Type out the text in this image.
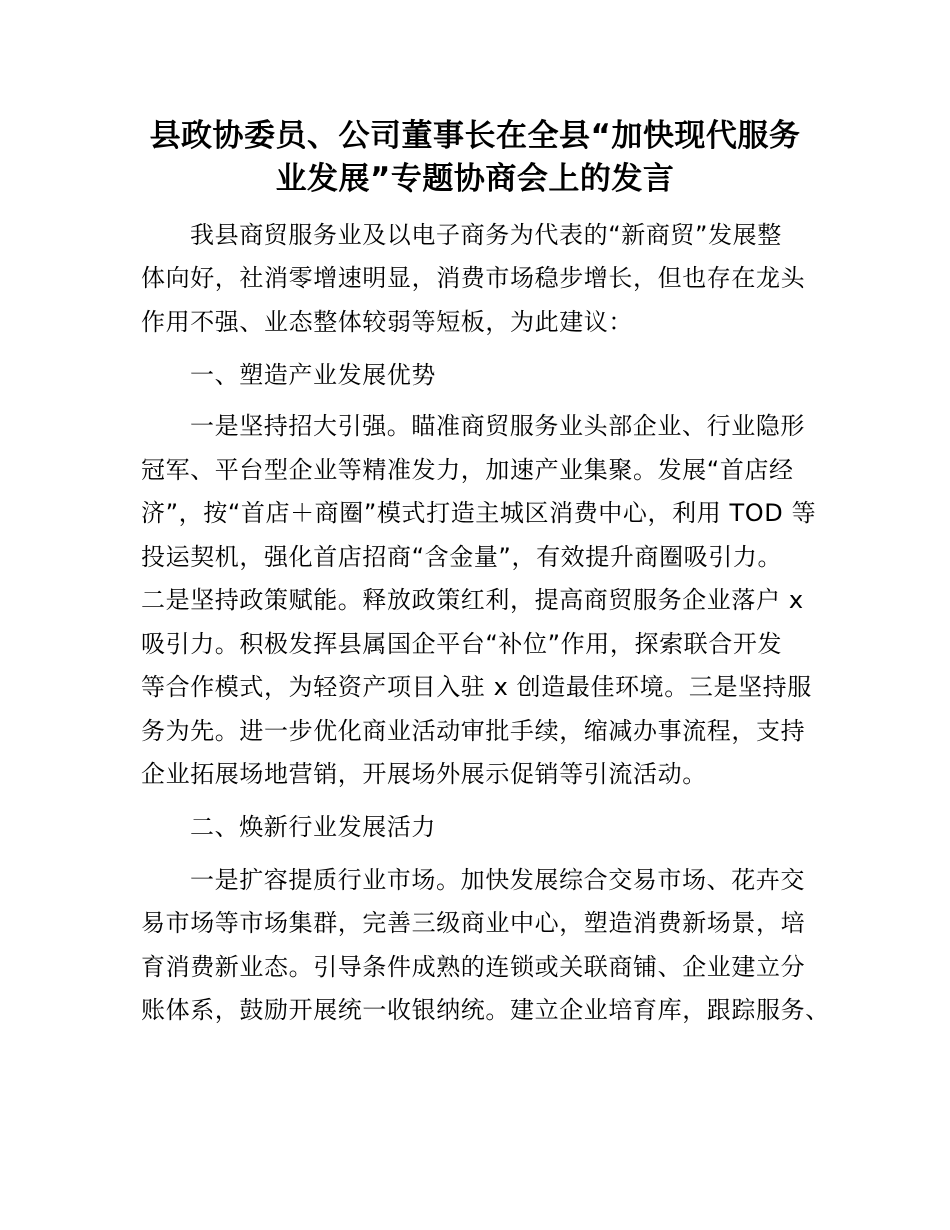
县政协委员、公司董事长在全县“加快现代服务
业发展”专题协商会上的发言

我县商贸服务业及以电子商务为代表的“新商贸”发展整

体向好，社消零增速明显，消费市场稳步增长，但也存在龙头

作用不强、业态整体较弱等短板，为此建议：

一、塑造产业发展优势

一是坚持招大引强。瞄准商贸服务业头部企业、行业隐形

冠军、平台型企业等精准发力，加速产业集聚。发展“首店经

济”，按“首店＋商圈”模式打造主城区消费中心，利用 TOD 等

投运契机，强化首店招商“含金量”，有效提升商圈吸引力。

二是坚持政策赋能。释放政策红利，提高商贸服务企业落户 x

吸引力。积极发挥县属国企平台“补位”作用，探索联合开发

等合作模式，为轻资产项目入驻 x 创造最佳环境。三是坚持服

务为先。进一步优化商业活动审批手续，缩减办事流程，支持

企业拓展场地营销，开展场外展示促销等引流活动。

二、焕新行业发展活力

一是扩容提质行业市场。加快发展综合交易市场、花卉交

易市场等市场集群，完善三级商业中心，塑造消费新场景，培

育消费新业态。引导条件成熟的连锁或关联商铺、企业建立分

账体系，鼓励开展统一收银纳统。建立企业培育库，跟踪服务、
